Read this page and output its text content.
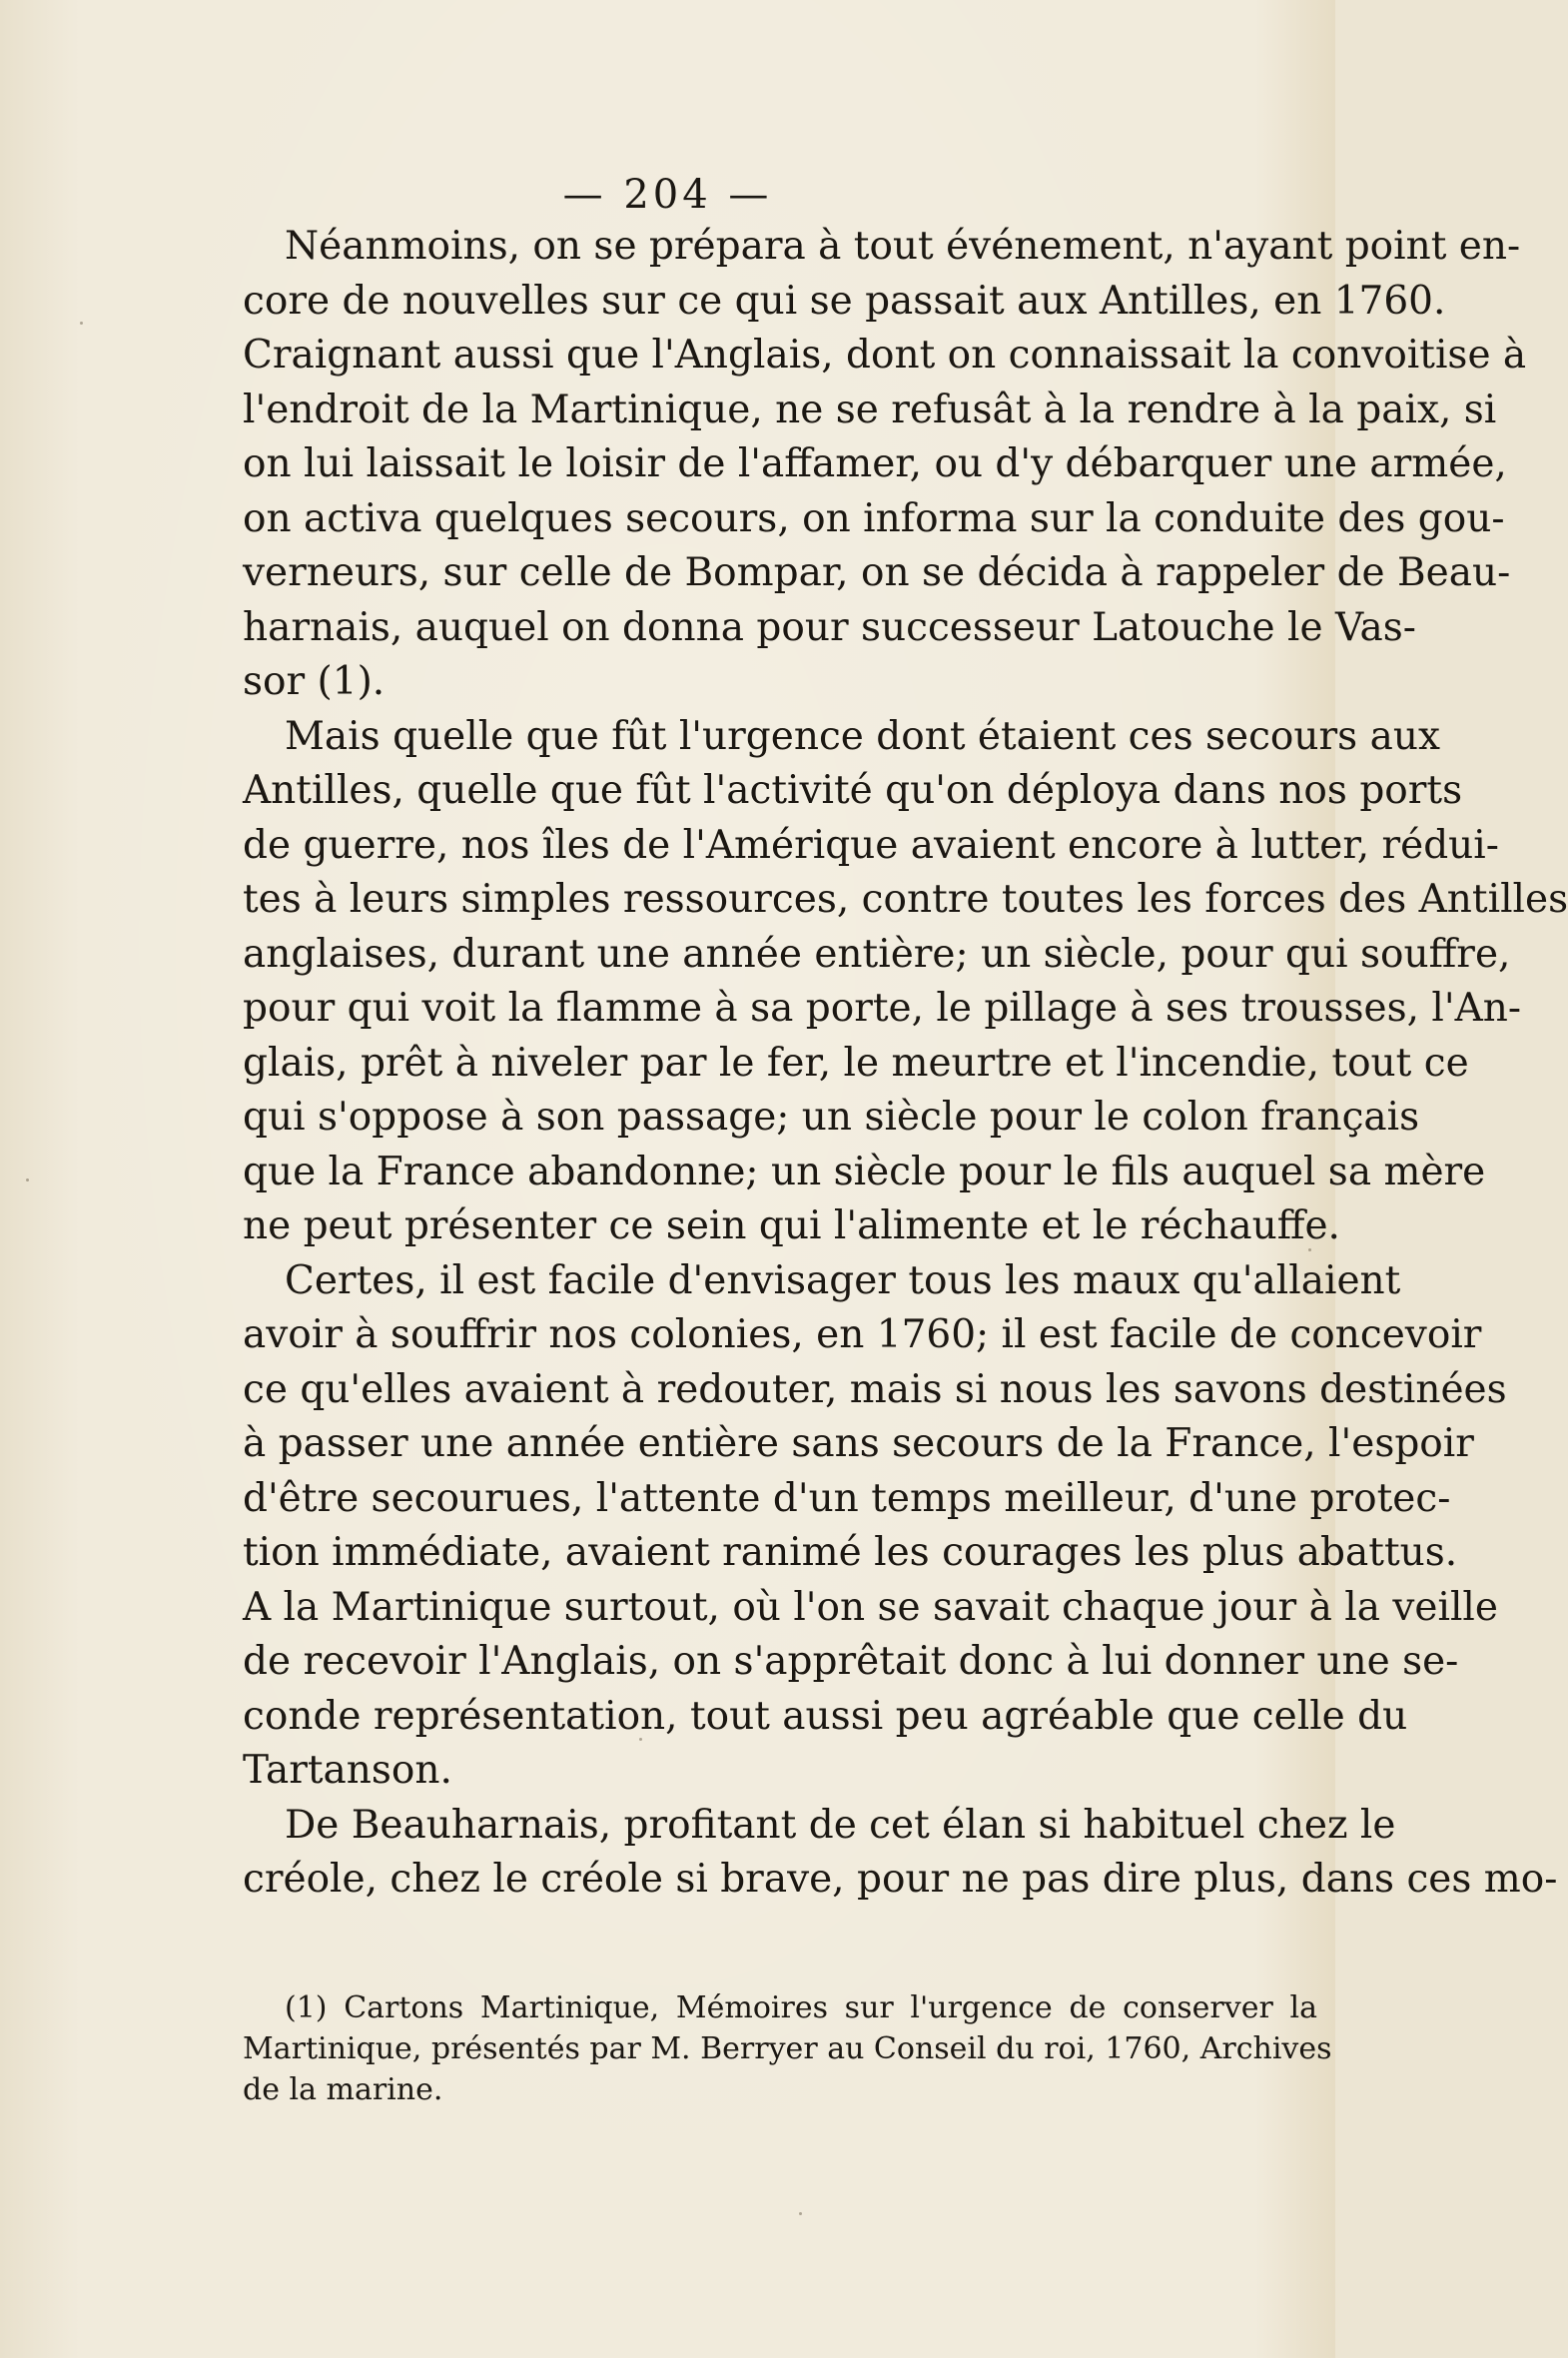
— 204 —
Néanmoins, on se prépara à tout événement, n'ayant point en-
core de nouvelles sur ce qui se passait aux Antilles, en 1760.
Craignant aussi que l'Anglais, dont on connaissait la convoitise à
l'endroit de la Martinique, ne se refusât à la rendre à la paix, si
on lui laissait le loisir de l'affamer, ou d'y débarquer une armée,
on activa quelques secours, on informa sur la conduite des gou-
verneurs, sur celle de Bompar, on se décida à rappeler de Beau-
harnais, auquel on donna pour successeur Latouche le Vas-
sor (1).
Mais quelle que fût l'urgence dont étaient ces secours aux
Antilles, quelle que fût l'activité qu'on déploya dans nos ports
de guerre, nos îles de l'Amérique avaient encore à lutter, rédui-
tes à leurs simples ressources, contre toutes les forces des Antilles
anglaises, durant une année entière; un siècle, pour qui souffre,
pour qui voit la flamme à sa porte, le pillage à ses trousses, l'An-
glais, prêt à niveler par le fer, le meurtre et l'incendie, tout ce
qui s'oppose à son passage; un siècle pour le colon français
que la France abandonne; un siècle pour le fils auquel sa mère
ne peut présenter ce sein qui l'alimente et le réchauffe.
Certes, il est facile d'envisager tous les maux qu'allaient
avoir à souffrir nos colonies, en 1760; il est facile de concevoir
ce qu'elles avaient à redouter, mais si nous les savons destinées
à passer une année entière sans secours de la France, l'espoir
d'être secourues, l'attente d'un temps meilleur, d'une protec-
tion immédiate, avaient ranimé les courages les plus abattus.
A la Martinique surtout, où l'on se savait chaque jour à la veille
de recevoir l'Anglais, on s'apprêtait donc à lui donner une se-
conde représentation, tout aussi peu agréable que celle du
Tartanson.
De Beauharnais, profitant de cet élan si habituel chez le
créole, chez le créole si brave, pour ne pas dire plus, dans ces mo-
(1) Cartons Martinique, Mémoires sur l'urgence de conserver la
Martinique, présentés par M. Berryer au Conseil du roi, 1760, Archives
de la marine.
